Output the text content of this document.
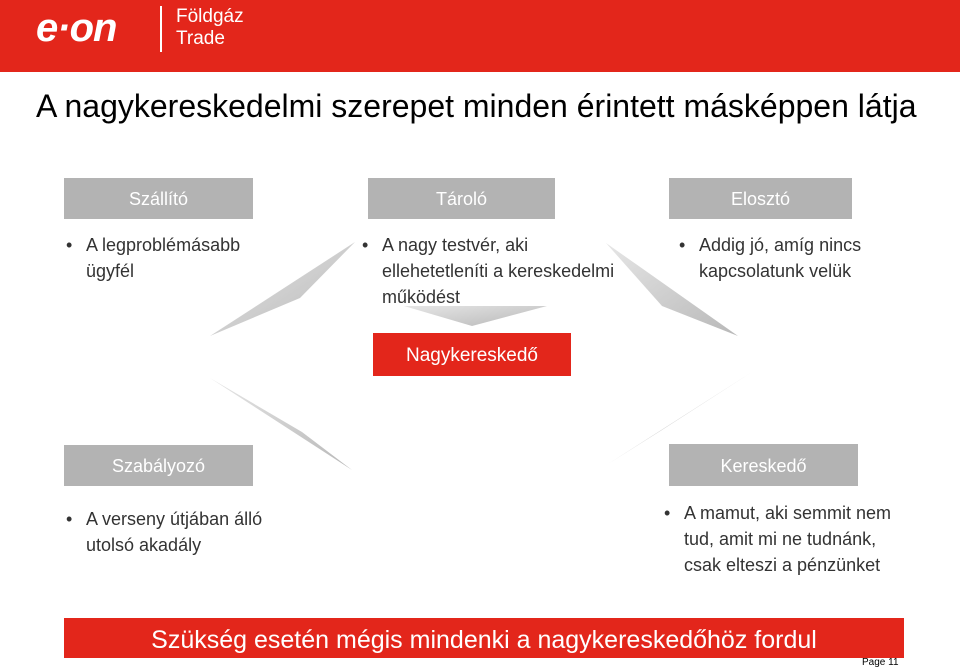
e·on	Földgáz
Trade
A nagykereskedelmi szerepet minden érintett másképpen látja
Szállító
• A legproblémásabb ügyfél
Tároló
• A nagy testvér, aki ellehetetleníti a kereskedelmi működést
Elosztó
• Addig jó, amíg nincs kapcsolatunk velük
Nagykereskedő
Szabályozó
• A verseny útjában álló utolsó akadály
Kereskedő
• A mamut, aki semmit nem tud, amit mi ne tudnánk, csak elteszi a pénzünket
Szükség esetén mégis mindenki a nagykereskedőhöz fordul
Page 11
